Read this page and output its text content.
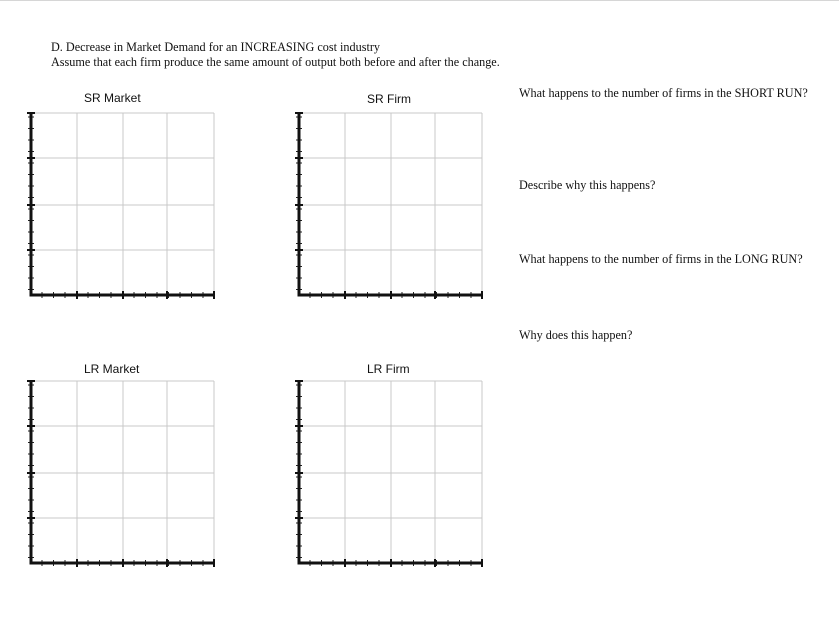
D. Decrease in Market Demand for an INCREASING cost industry
Assume that each firm produce the same amount of output both before and after the change.
SR Market	SR Firm
LR Market	LR Firm
What happens to the number of firms in the SHORT RUN?
Describe why this happens?
What happens to the number of firms in the LONG RUN?
Why does this happen?
